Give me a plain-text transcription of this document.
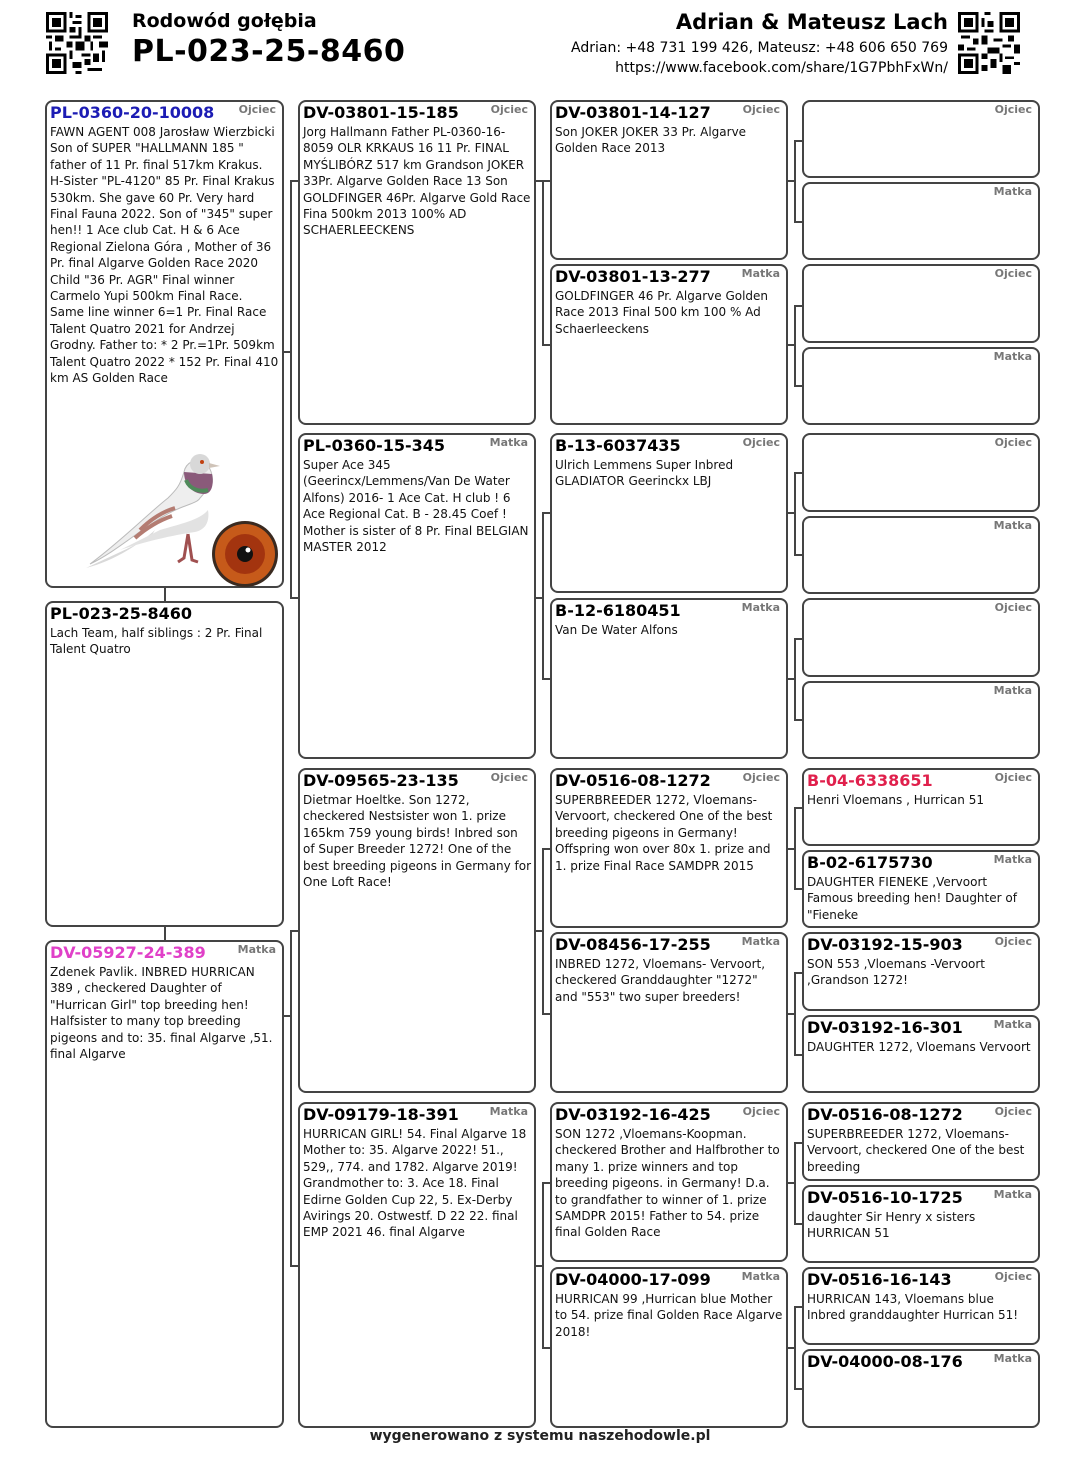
Rodowód gołębia
PL-023-25-8460
Adrian & Mateusz Lach
Adrian: +48 731 199 426, Mateusz: +48 606 650 769
https://www.facebook.com/share/1G7PbhFxWn/
PL-0360-20-10008 Ojciec
FAWN AGENT 008 Jarosław Wierzbicki Son of SUPER "HALLMANN 185 " father of 11 Pr. final 517km Krakus. H-Sister "PL-4120" 85 Pr. Final Krakus 530km. She gave 60 Pr. Very hard Final Fauna 2022. Son of "345" super hen!! 1 Ace club Cat. H & 6 Ace Regional Zielona Góra , Mother of 36 Pr. final Algarve Golden Race 2020 Child "36 Pr. AGR" Final winner Carmelo Yupi 500km Final Race. Same line winner 6=1 Pr. Final Race Talent Quatro 2021 for Andrzej Grodny. Father to: * 2 Pr.=1Pr. 509km Talent Quatro 2022 * 152 Pr. Final 410 km AS Golden Race
PL-023-25-8460
Lach Team, half siblings : 2 Pr. Final Talent Quatro
DV-05927-24-389	Matka
Zdenek Pavlik. INBRED HURRICAN 389 , checkered Daughter of "Hurrican Girl" top breeding hen! Halfsister to many top breeding pigeons and to: 35. final Algarve ,51. final Algarve
DV-03801-15-185	Ojciec
Jorg Hallmann Father PL-0360-16-8059 OLR KRKAUS 16 11 Pr. FINAL MYŚLIBÓRZ 517 km Grandson JOKER 33Pr. Algarve Golden Race 13 Son GOLDFINGER 46Pr. Algarve Gold Race Fina 500km 2013 100% AD SCHAERLEECKENS
PL-0360-15-345	Matka
Super Ace 345 (Geerincx/Lemmens/Van De Water Alfons) 2016- 1 Ace Cat. H club ! 6 Ace Regional Cat. B - 28.45 Coef ! Mother is sister of 8 Pr. Final BELGIAN MASTER 2012
DV-09565-23-135	Ojciec
Dietmar Hoeltke. Son 1272, checkered Nestsister won 1. prize 165km 759 young birds! Inbred son of Super Breeder 1272! One of the best breeding pigeons in Germany for One Loft Race!
DV-09179-18-391	Matka
HURRICAN GIRL! 54. Final Algarve 18 Mother to: 35. Algarve 2022! 51., 529,, 774. and 1782. Algarve 2019! Grandmother to: 3. Ace 18. Final Edirne Golden Cup 22, 5. Ex-Derby Avirings 20. Ostwestf. D 22 22. final EMP 2021 46. final Algarve
DV-03801-14-127	Ojciec
Son JOKER JOKER 33 Pr. Algarve Golden Race 2013
DV-03801-13-277	Matka
GOLDFINGER 46 Pr. Algarve Golden Race 2013 Final 500 km 100 % Ad Schaerleeckens
B-13-6037435	Ojciec
Ulrich Lemmens Super Inbred GLADIATOR Geerinckx LBJ
B-12-6180451	Matka
Van De Water Alfons
DV-0516-08-1272	Ojciec
SUPERBREEDER 1272, Vloemans-Vervoort, checkered One of the best breeding pigeons in Germany! Offspring won over 80x 1. prize and 1. prize Final Race SAMDPR 2015
DV-08456-17-255	Matka
INBRED 1272, Vloemans- Vervoort, checkered Granddaughter "1272" and "553" two super breeders!
DV-03192-16-425	Ojciec
SON 1272 ,Vloemans-Koopman. checkered Brother and Halfbrother to many 1. prize winners and top breeding pigeons. in Germany! D.a. to grandfather to winner of 1. prize SAMDPR 2015! Father to 54. prize final Golden Race
DV-04000-17-099	Matka
HURRICAN 99 ,Hurrican blue Mother to 54. prize final Golden Race Algarve 2018!
Ojciec
Matka
Ojciec
Matka
Ojciec
Matka
Ojciec
Matka
B-04-6338651	Ojciec
Henri Vloemans , Hurrican 51
B-02-6175730	Matka
DAUGHTER FIENEKE ,Vervoort Famous breeding hen! Daughter of "Fieneke
DV-03192-15-903	Ojciec
SON 553 ,Vloemans -Vervoort ,Grandson 1272!
DV-03192-16-301	Matka
DAUGHTER 1272, Vloemans Vervoort
DV-0516-08-1272	Ojciec
SUPERBREEDER 1272, Vloemans-Vervoort, checkered One of the best breeding
DV-0516-10-1725	Matka
daughter Sir Henry x sisters HURRICAN 51
DV-0516-16-143	Ojciec
HURRICAN 143, Vloemans blue Inbred granddaughter Hurrican 51!
DV-04000-08-176	Matka
wygenerowano z systemu naszehodowle.pl
